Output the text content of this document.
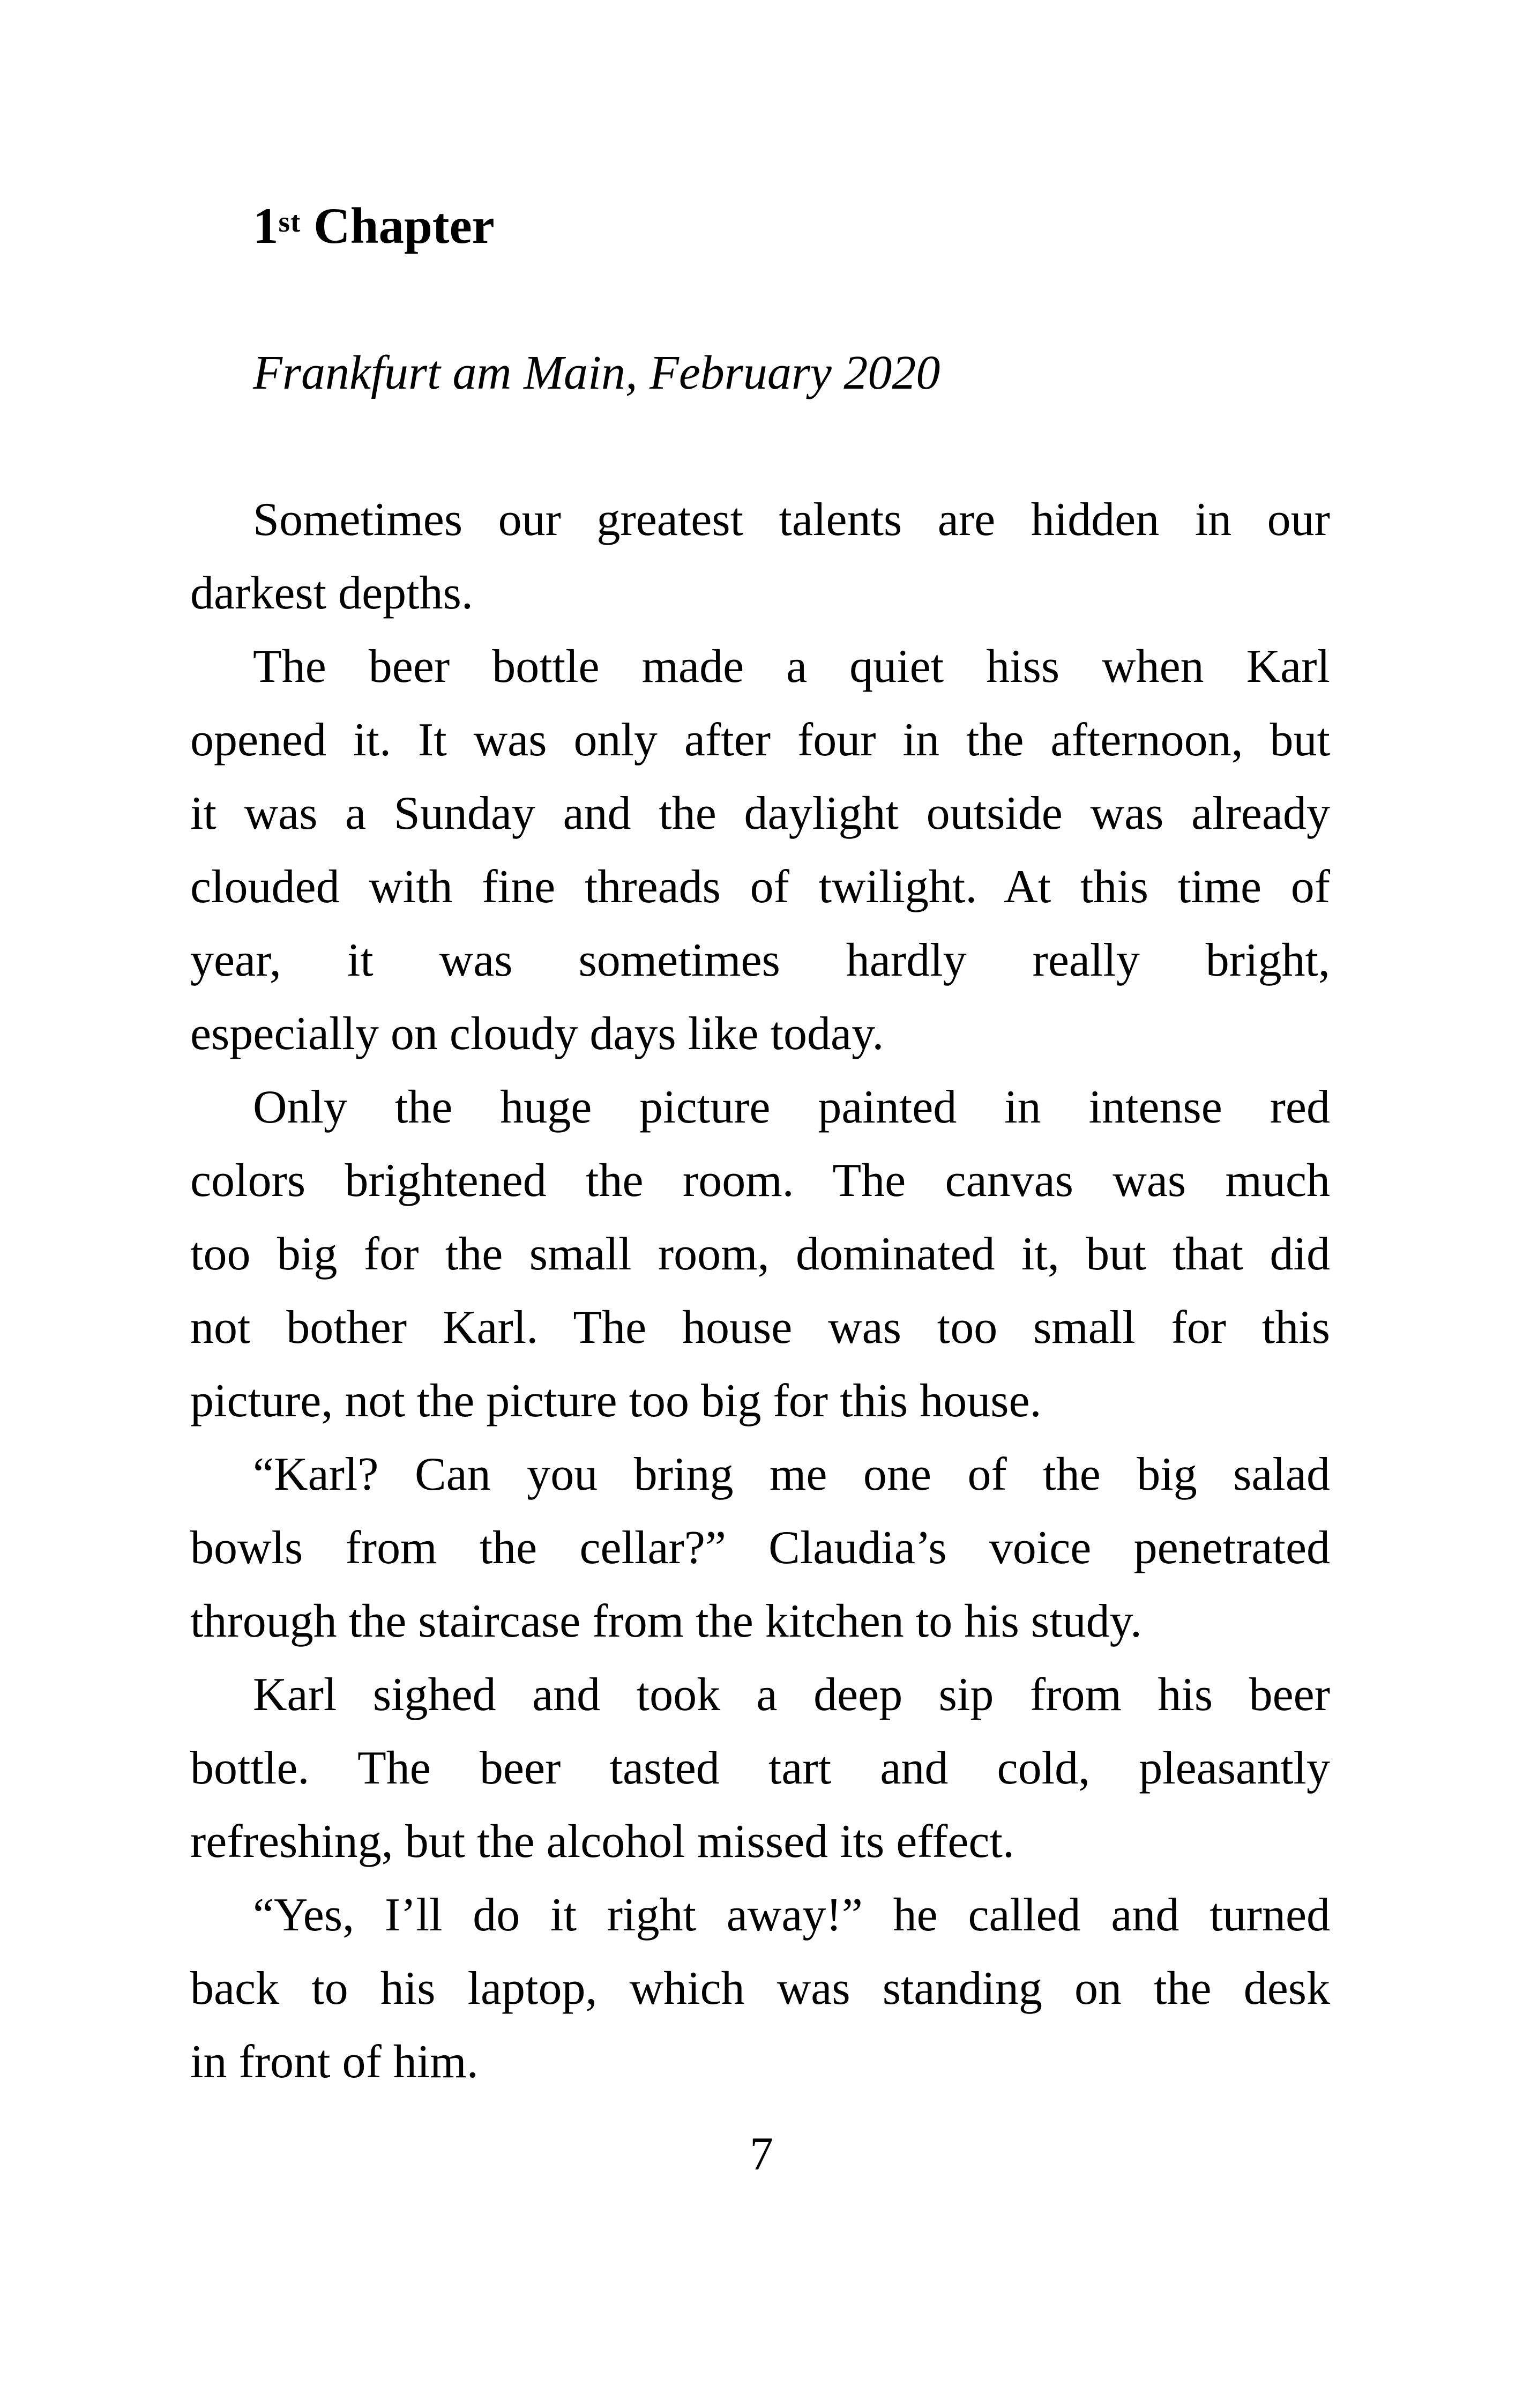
1st Chapter
Frankfurt am Main, February 2020
Sometimes our greatest talents are hidden in our
darkest depths.
The beer bottle made a quiet hiss when Karl
opened it. It was only after four in the afternoon, but
it was a Sunday and the daylight outside was already
clouded with fine threads of twilight. At this time of
year, it was sometimes hardly really bright,
especially on cloudy days like today.
Only the huge picture painted in intense red
colors brightened the room. The canvas was much
too big for the small room, dominated it, but that did
not bother Karl. The house was too small for this
picture, not the picture too big for this house.
“Karl? Can you bring me one of the big salad
bowls from the cellar?” Claudia’s voice penetrated
through the staircase from the kitchen to his study.
Karl sighed and took a deep sip from his beer
bottle. The beer tasted tart and cold, pleasantly
refreshing, but the alcohol missed its effect.
“Yes, I’ll do it right away!” he called and turned
back to his laptop, which was standing on the desk
in front of him.
7
